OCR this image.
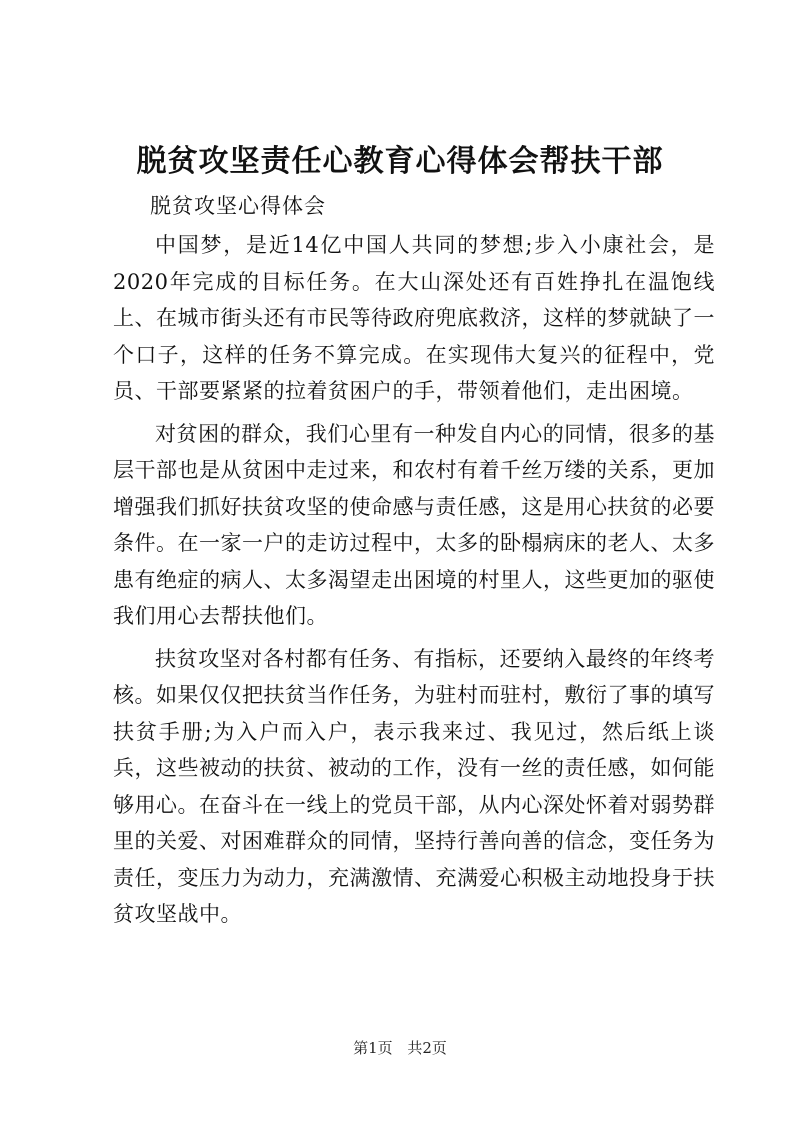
脱贫攻坚责任心教育心得体会帮扶干部

脱贫攻坚心得体会

中国梦，是近14亿中国人共同的梦想;步入小康社会，是2020年完成的目标任务。在大山深处还有百姓挣扎在温饱线上、在城市街头还有市民等待政府兜底救济，这样的梦就缺了一个口子，这样的任务不算完成。在实现伟大复兴的征程中，党员、干部要紧紧的拉着贫困户的手，带领着他们，走出困境。

对贫困的群众，我们心里有一种发自内心的同情，很多的基层干部也是从贫困中走过来，和农村有着千丝万缕的关系，更加增强我们抓好扶贫攻坚的使命感与责任感，这是用心扶贫的必要条件。在一家一户的走访过程中，太多的卧榻病床的老人、太多患有绝症的病人、太多渴望走出困境的村里人，这些更加的驱使我们用心去帮扶他们。

扶贫攻坚对各村都有任务、有指标，还要纳入最终的年终考核。如果仅仅把扶贫当作任务，为驻村而驻村，敷衍了事的填写扶贫手册;为入户而入户，表示我来过、我见过，然后纸上谈兵，这些被动的扶贫、被动的工作，没有一丝的责任感，如何能够用心。在奋斗在一线上的党员干部，从内心深处怀着对弱势群里的关爱、对困难群众的同情，坚持行善向善的信念，变任务为责任，变压力为动力，充满激情、充满爱心积极主动地投身于扶贫攻坚战中。

第1页 共2页
